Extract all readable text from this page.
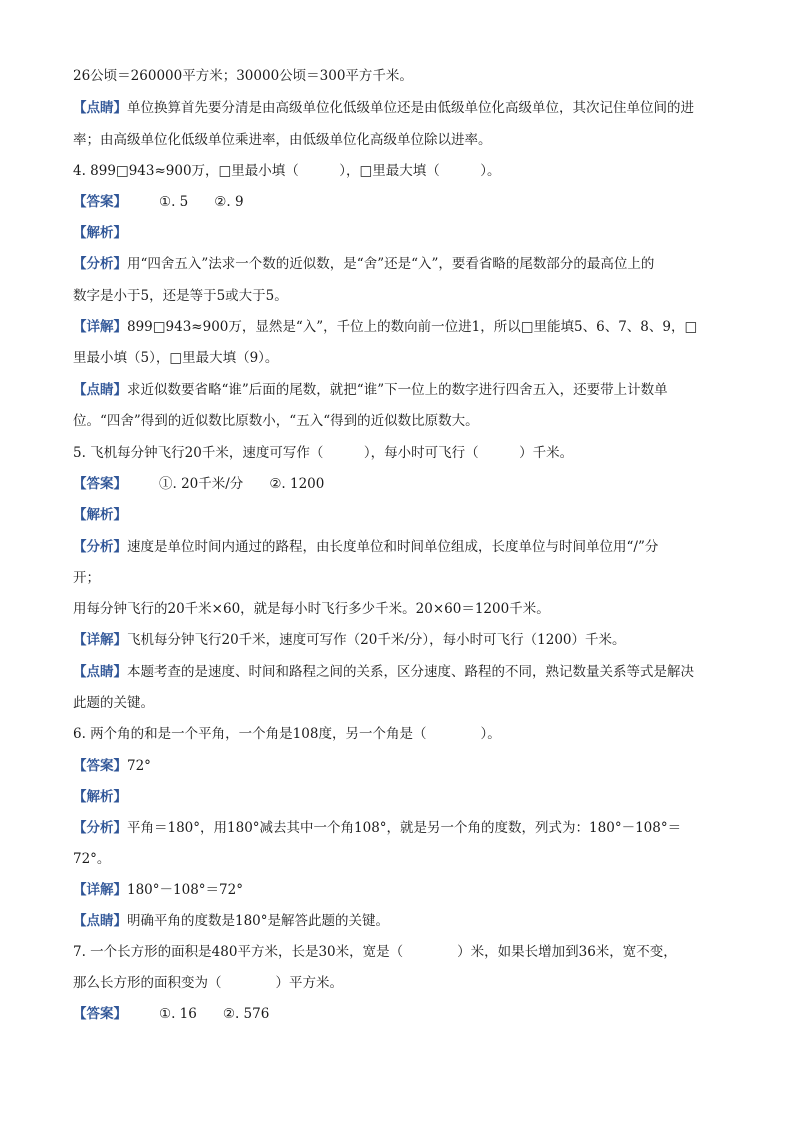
26公顷＝260000平方米；30000公顷＝300平方千米。
【点睛】单位换算首先要分清是由高级单位化低级单位还是由低级单位化高级单位，其次记住单位间的进
率；由高级单位化低级单位乘进率，由低级单位化高级单位除以进率。
4. 899□943≈900万，□里最小填（　　　），□里最大填（　　　）。
【答案】 ①. 5 ②. 9
【解析】
【分析】用“四舍五入”法求一个数的近似数，是“舍”还是“入”，要看省略的尾数部分的最高位上的
数字是小于5，还是等于5或大于5。
【详解】899□943≈900万，显然是“入”，千位上的数向前一位进1，所以□里能填5、6、7、8、9，□
里最小填（5），□里最大填（9）。
【点睛】求近似数要省略“谁”后面的尾数，就把“谁”下一位上的数字进行四舍五入，还要带上计数单
位。“四舍”得到的近似数比原数小，“五入“得到的近似数比原数大。
5. 飞机每分钟飞行20千米，速度可写作（　　　），每小时可飞行（　　　）千米。
【答案】 ①. 20千米/分 ②. 1200
【解析】
【分析】速度是单位时间内通过的路程，由长度单位和时间单位组成，长度单位与时间单位用“/”分
开；
用每分钟飞行的20千米×60，就是每小时飞行多少千米。20×60＝1200千米。
【详解】飞机每分钟飞行20千米，速度可写作（20千米/分），每小时可飞行（1200）千米。
【点睛】本题考查的是速度、时间和路程之间的关系，区分速度、路程的不同，熟记数量关系等式是解决
此题的关键。
6. 两个角的和是一个平角，一个角是108度，另一个角是（　　　　）。
【答案】72°
【解析】
【分析】平角＝180°，用180°减去其中一个角108°，就是另一个角的度数，列式为：180°－108°＝
72°。
【详解】180°－108°＝72°
【点睛】明确平角的度数是180°是解答此题的关键。
7. 一个长方形的面积是480平方米，长是30米，宽是（　　　　）米，如果长增加到36米，宽不变，
那么长方形的面积变为（　　　　）平方米。
【答案】 ①. 16 ②. 576
